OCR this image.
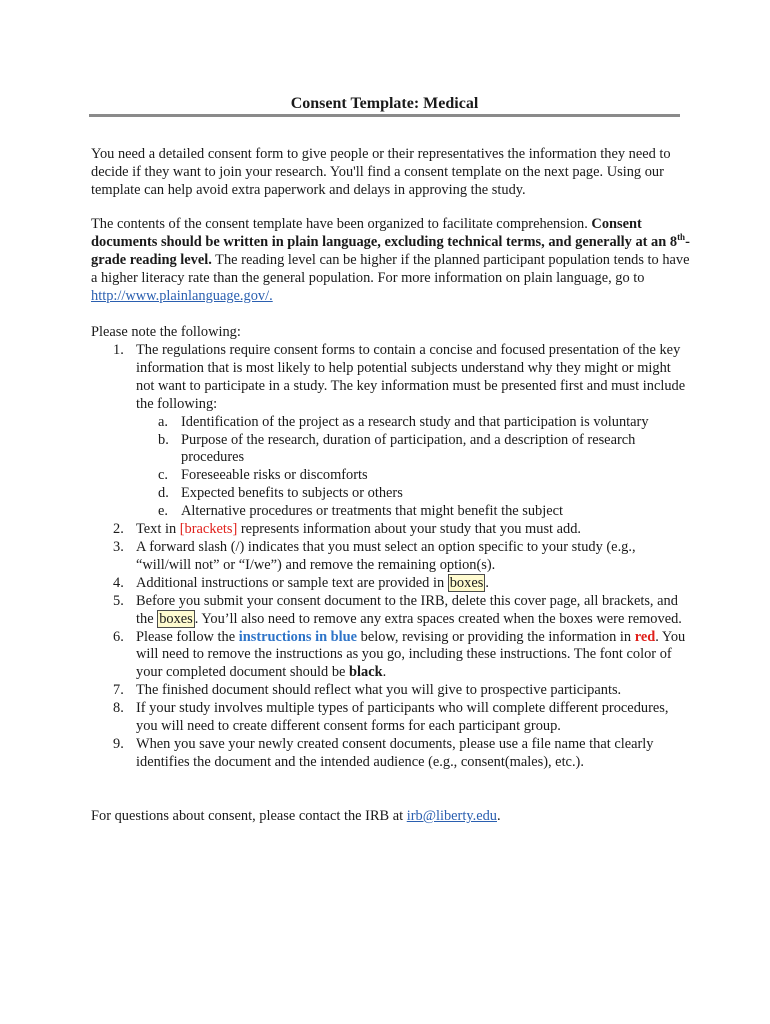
Consent Template: Medical

You need a detailed consent form to give people or their representatives the information they need to decide if they want to join your research. You'll find a consent template on the next page. Using our template can help avoid extra paperwork and delays in approving the study.

The contents of the consent template have been organized to facilitate comprehension. Consent documents should be written in plain language, excluding technical terms, and generally at an 8th-grade reading level. The reading level can be higher if the planned participant population tends to have a higher literacy rate than the general population. For more information on plain language, go to http://www.plainlanguage.gov/.

Please note the following:

1. The regulations require consent forms to contain a concise and focused presentation of the key information that is most likely to help potential subjects understand why they might or might not want to participate in a study. The key information must be presented first and must include the following:
a. Identification of the project as a research study and that participation is voluntary
b. Purpose of the research, duration of participation, and a description of research procedures
c. Foreseeable risks or discomforts
d. Expected benefits to subjects or others
e. Alternative procedures or treatments that might benefit the subject
2. Text in [brackets] represents information about your study that you must add.
3. A forward slash (/) indicates that you must select an option specific to your study (e.g., “will/will not” or “I/we”) and remove the remaining option(s).
4. Additional instructions or sample text are provided in boxes .
5. Before you submit your consent document to the IRB, delete this cover page, all brackets, and the boxes . You’ll also need to remove any extra spaces created when the boxes were removed.
6. Please follow the instructions in blue below, revising or providing the information in red. You will need to remove the instructions as you go, including these instructions. The font color of your completed document should be black.
7. The finished document should reflect what you will give to prospective participants.
8. If your study involves multiple types of participants who will complete different procedures, you will need to create different consent forms for each participant group.
9. When you save your newly created consent documents, please use a file name that clearly identifies the document and the intended audience (e.g., consent(males), etc.).

For questions about consent, please contact the IRB at irb@liberty.edu.
